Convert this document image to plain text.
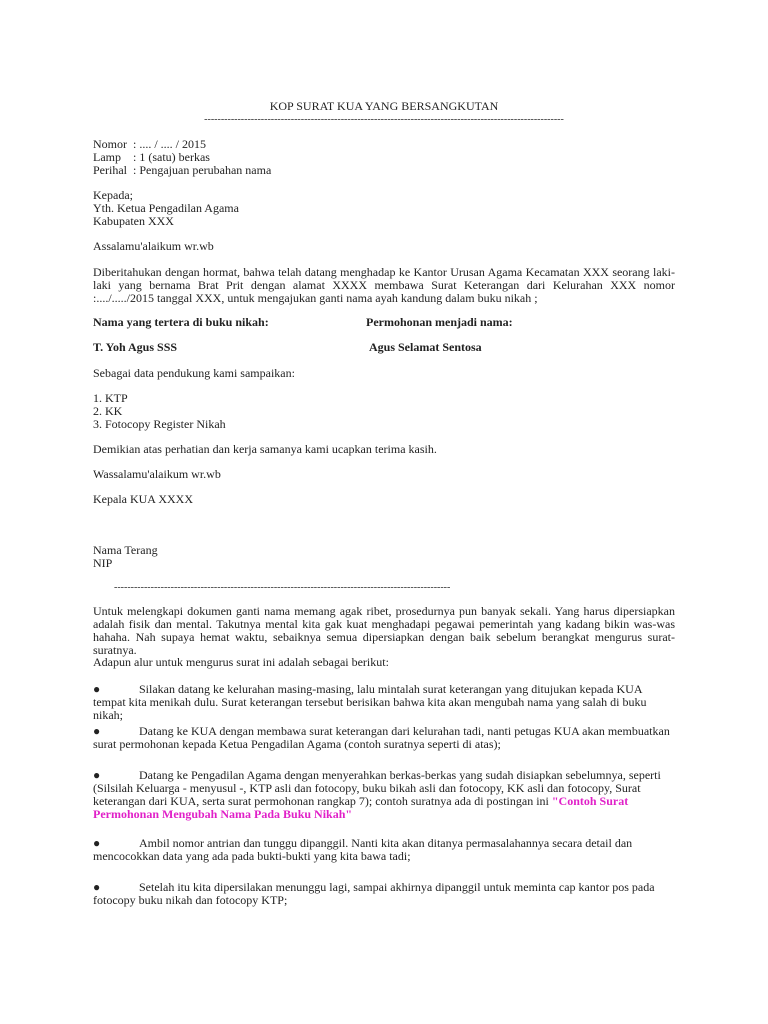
KOP SURAT KUA YANG BERSANGKUTAN
------------------------------------------------------------------------------------------------------------
Nomor : .... / .... / 2015
Lamp : 1 (satu) berkas
Perihal : Pengajuan perubahan nama
Kepada;
Yth. Ketua Pengadilan Agama
Kabupaten XXX
Assalamu'alaikum wr.wb
Diberitahukan dengan hormat, bahwa telah datang menghadap ke Kantor Urusan Agama Kecamatan XXX seorang laki-laki yang bernama Brat Prit dengan alamat XXXX membawa Surat Keterangan dari Kelurahan XXX nomor :..../...../2015 tanggal XXX, untuk mengajukan ganti nama ayah kandung dalam buku nikah ;
Nama yang tertera di buku nikah:	Permohonan menjadi nama:
T. Yoh Agus SSS	Agus Selamat Sentosa
Sebagai data pendukung kami sampaikan:
1. KTP
2. KK
3. Fotocopy Register Nikah
Demikian atas perhatian dan kerja samanya kami ucapkan terima kasih.
Wassalamu'alaikum wr.wb
Kepala KUA XXXX
Nama Terang
NIP
-----------------------------------------------------------------------------------------------------
Untuk melengkapi dokumen ganti nama memang agak ribet, prosedurnya pun banyak sekali. Yang harus dipersiapkan adalah fisik dan mental. Takutnya mental kita gak kuat menghadapi pegawai pemerintah yang kadang bikin was-was hahaha. Nah supaya hemat waktu, sebaiknya semua dipersiapkan dengan baik sebelum berangkat mengurus surat-suratnya.
Adapun alur untuk mengurus surat ini adalah sebagai berikut:
●	Silakan datang ke kelurahan masing-masing, lalu mintalah surat keterangan yang ditujukan kepada KUA tempat kita menikah dulu. Surat keterangan tersebut berisikan bahwa kita akan mengubah nama yang salah di buku nikah;
●	Datang ke KUA dengan membawa surat keterangan dari kelurahan tadi, nanti petugas KUA akan membuatkan surat permohonan kepada Ketua Pengadilan Agama (contoh suratnya seperti di atas);
●	Datang ke Pengadilan Agama dengan menyerahkan berkas-berkas yang sudah disiapkan sebelumnya, seperti (Silsilah Keluarga - menyusul -, KTP asli dan fotocopy, buku bikah asli dan fotocopy, KK asli dan fotocopy, Surat keterangan dari KUA, serta surat permohonan rangkap 7); contoh suratnya ada di postingan ini "Contoh Surat Permohonan Mengubah Nama Pada Buku Nikah"
●	Ambil nomor antrian dan tunggu dipanggil. Nanti kita akan ditanya permasalahannya secara detail dan mencocokkan data yang ada pada bukti-bukti yang kita bawa tadi;
●	Setelah itu kita dipersilakan menunggu lagi, sampai akhirnya dipanggil untuk meminta cap kantor pos pada fotocopy buku nikah dan fotocopy KTP;
